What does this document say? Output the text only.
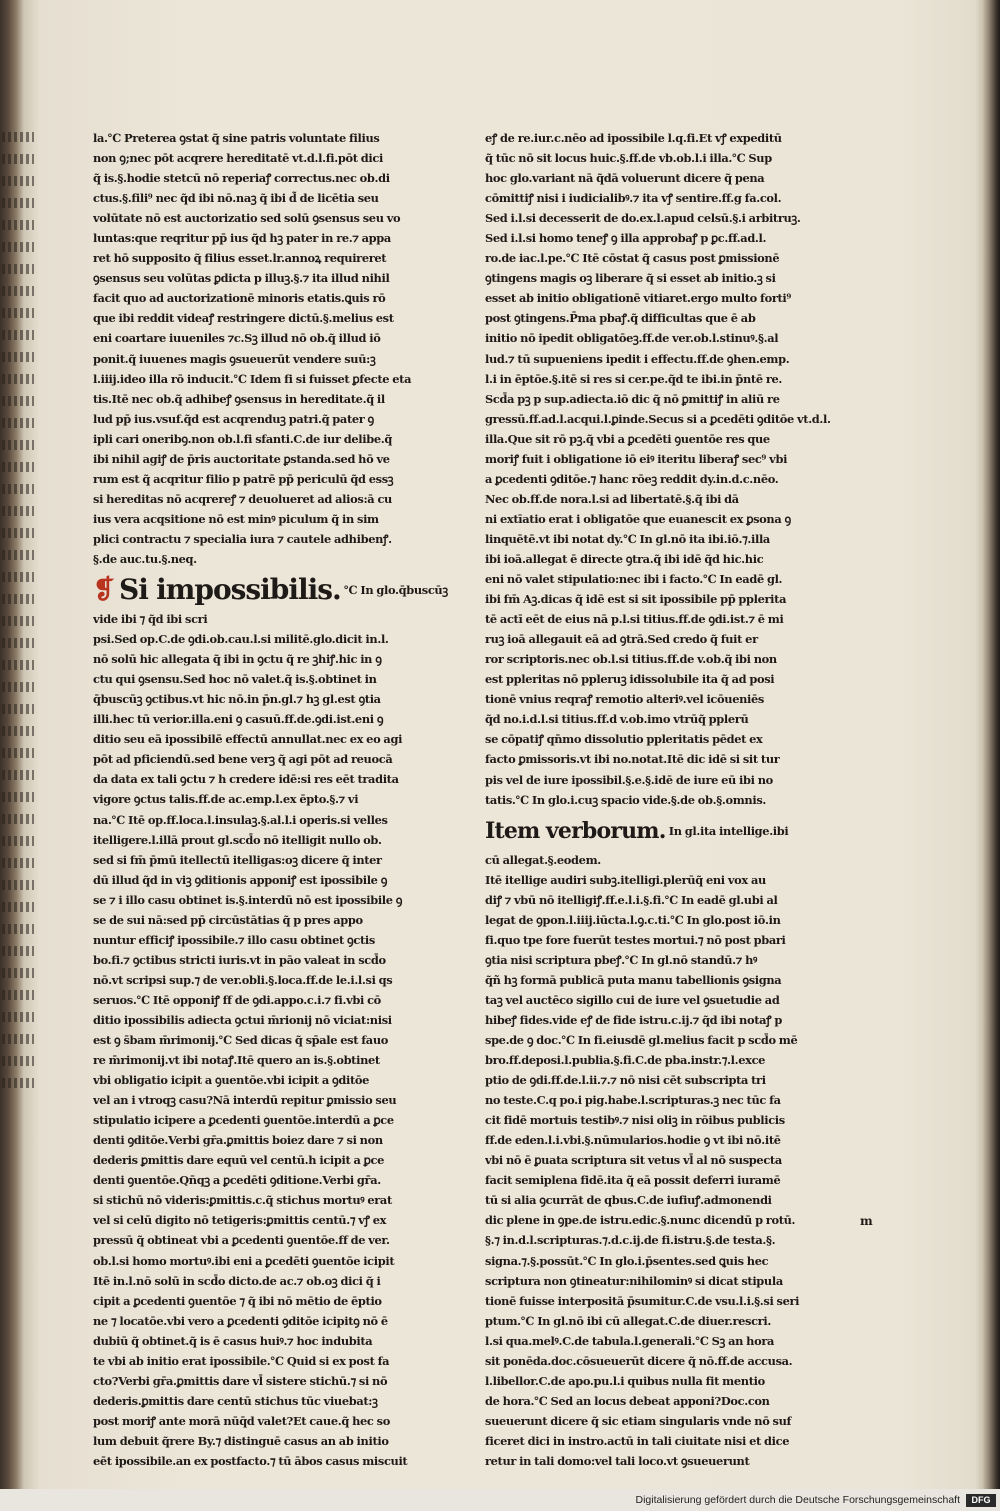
la.℃ Preterea ꝯstat q̃ sine patris voluntate filius
non ꝯ;nec pōt acqrere hereditatē vt.d.l.fi.pōt dici
q̃ is.§.hodie stetcū nō reperiaꝭ correctus.nec ob.di
ctus.§.fili⁹ nec q̃d ibi nō.naꝫ q̃ ibi d̃ de licētia seu
volūtate nō est auctorizatio sed solū ꝯsensus seu vo
luntas:que reqritur pp̄ ius q̃d hꝫ pater in re.⁊ appa
ret hō supposito q̃ filius esset.lr.annoꝝ requireret
ꝯsensus seu volūtas ꝑdicta p illuꝫ.§.⁊ ita illud nihil
facit quo ad auctorizationē minoris etatis.ꝗuis rō
que ibi reddit videaꝭ restringere dictū.§.melius est
eni coartare iuueniles ⁊c.Sꝫ illud nō ob.q̃ illud iō
ponit.q̃ iuuenes magis ꝯsueuerūt vendere suū:ꝫ
l.iiij.ideo illa rō inducit.℃ Idem fi si fuisset ꝑfecte eta
tis.Itē nec ob.q̃ adhibeꝭ ꝯsensus in hereditate.q̃ il
lud pp̄ ius.vsuf.q̃d est acqrenduꝫ patri.q̃ pater ꝯ
ipli cari oneribꝯ.non ob.l.fi sfanti.C.de iur delibe.q̃
ibi nihil agiꝭ de p̄ris auctoritate ꝑstanda.sed hō ve
rum est q̃ acqritur filio p patrē pp̄ periculū q̃d essꝫ
si hereditas nō acqrereꝭ ⁊ deuolueret ad alios:ā cu
ius vera acqsitione nō est minꝰ piculum q̃ in sim
plici contractu ⁊ specialia iura ⁊ cautele adhibenꝭ.
§.de auc.tu.§.neq.
❡ Si impossibilis. ℃ In glo.q̄buscūꝫ
vide ibi ⁊ q̃d ibi scri
psi.Sed op.C.de ꝯdi.ob.cau.l.si militē.glo.dicit in.l.
nō solū hic allegata q̃ ibi in ꝯctu q̃ re ꝫhiꝭ.hic in ꝯ
ctu qui ꝯsensu.Sed hoc nō valet.q̃ is.§.obtinet in
q̄buscūꝫ ꝯctibus.vt hic nō.in p̄n.gl.⁊ hꝫ gl.est ꝯtia
illi.hec tū verior.illa.eni ꝯ casuū.ff.de.ꝯdi.ist.eni ꝯ
ditio seu eā ipossibilē effectū annullat.nec ex eo agi
pōt ad pficiendū.sed bene verꝫ q̃ agi pōt ad reuocā
da data ex tali ꝯctu ⁊ h credere idē:si res eēt tradita
vigore ꝯctus talis.ff.de ac.emp.l.ex ēpto.§.⁊ vi
na.℃ Itē op.ff.loca.l.insulaꝫ.§.al.l.i operis.si velles
itelligere.l.illā prout gl.scd̄o nō itelligit nullo ob.
sed si fm̄ p̄mū itellectū itelligas:oꝫ dicere q̃ inter
dū illud q̃d in viꝫ ꝯditionis apponiꝭ est ipossibile ꝯ
se ⁊ i illo casu obtinet is.§.interdū nō est ipossibile ꝯ
se de sui nā:sed pp̄ circūstātias q̃ p pres appo
nuntur efficiꝭ ipossibile.⁊ illo casu obtinet ꝯctis
bo.fi.⁊ ꝯctibus stricti iuris.vt in pāo valeat in scd̄o
nō.vt scripsi sup.⁊ de ver.obli.§.loca.ff.de le.i.l.si qs
seruos.℃ Itē opponiꝭ ff de ꝯdi.appo.c.i.⁊ fi.vbi cō
ditio ipossibilis adiecta ꝯctui m̄rionij nō viciat:nisi
est ꝯ s̄bam m̄rimonij.℃ Sed dicas q̃ sp̄ale est fauo
re m̄rimonij.vt ibi notaꝭ.Itē quero an is.§.obtinet
vbi obligatio icipit a ꝯuentōe.vbi icipit a ꝯditōe
vel an i vtroqꝫ casu?Nā interdū repitur ꝑmissio seu
stipulatio icipere a ꝑcedenti ꝯuentōe.interdū a ꝑce
denti ꝯditōe.Verbi gr̄a.ꝑmittis boiez dare ⁊ si non
dederis ꝑmittis dare equū vel centū.h icipit a ꝑce
denti ꝯuentōe.Qn̄qꝫ a ꝑcedēti ꝯditione.Verbi gr̄a.
si stichū nō videris:ꝑmittis.c.q̃ stichus mortuꝰ erat
vel si celū digito nō tetigeris:ꝑmittis centū.⁊ vꝭ ex
pressū q̃ obtineat vbi a ꝑcedenti ꝯuentōe.ff de ver.
ob.l.si homo mortuꝰ.ibi eni a ꝑcedēti ꝯuentōe icipit
Itē in.l.nō solū in scd̄o dicto.de ac.⁊ ob.oꝫ dici q̃ i
cipit a ꝑcedenti ꝯuentōe ⁊ q̃ ibi nō mētio de ēptio
ne ⁊ locatōe.vbi vero a ꝑcedenti ꝯditōe icipitꝯ nō ē
dubiū q̃ obtinet.q̃ is ē casus huiꝰ.⁊ hoc indubita
te vbi ab initio erat ipossibile.℃ Quid si ex post fa
cto?Verbi gr̄a.ꝑmittis dare vl̄ sistere stichū.⁊ si nō
dederis.ꝑmittis dare centū stichus tūc viuebat:ꝫ
post moriꝭ ante morā nūq̄d valet?Et caue.q̃ hec so
lum debuit q̃rere By.⁊ distinguē casus an ab initio
eēt ipossibile.an ex postfacto.⁊ tū ābos casus miscuit
eꝭ de re.iur.c.nēo ad ipossibile l.q.fi.Et vꝭ expeditū
q̃ tūc nō sit locus huic.§.ff.de vb.ob.l.i illa.℃ Sup
hoc glo.variant nā q̃dā voluerunt dicere q̃ pena
cōmittiꝭ nisi i iudicialibꝰ.⁊ ita vꝭ sentire.ff.g fa.col.
Sed i.l.si decesserit de do.ex.l.apud celsū.§.i arbitruꝫ.
Sed i.l.si homo teneꝭ ꝯ illa approbaꝭ p ꝑc.ff.ad.l.
ro.de iac.l.pe.℃ Itē cōstat q̃ casus post ꝑmissionē
ꝯtingens magis oꝫ liberare q̃ si esset ab initio.ꝫ si
esset ab initio obligationē vitiaret.ergo multo forti⁹
post ꝯtingens.P̄ma pbaꝭ.q̃ difficultas que ē ab
initio nō ipedit obligatōeꝫ.ff.de ver.ob.l.stinuꝰ.§.al
lud.⁊ tū supueniens ipedit i effectu.ff.de ꝯhen.emp.
l.i in ēptōe.§.itē si res si cer.pe.q̃d te ibi.in p̄ntē re.
Scd̄a pꝫ p sup.adiecta.iō dic q̃ nō ꝑmittiꝭ in aliū re
gressū.ff.ad.l.acqui.l.ꝑinde.Secus si a ꝑcedēti ꝯditōe vt.d.l.
illa.Que sit rō pꝫ.q̃ vbi a ꝑcedēti ꝯuentōe res que
moriꝭ fuit i obligatione iō eiꝰ iteritu liberaꝭ sec⁹ vbi
a ꝑcedenti ꝯditōe.⁊ hanc rōeꝫ reddit dy.in.d.c.nēo.
Nec ob.ff.de nora.l.si ad libertatē.§.q̃ ibi dā
ni extīatio erat i obligatōe que euanescit ex ꝑsona ꝯ
linquētē.vt ibi notat dy.℃ In gl.nō ita ibi.iō.⁊.illa
ibi ioā.allegat ē directe ꝯtra.q̃ ibi idē q̃d hic.hic
eni nō valet stipulatio:nec ibi i facto.℃ In eadē gl.
ibi fm̄ Aꝫ.dicas q̃ idē est si sit ipossibile pp̄ pplerita
tē actī eēt de eius nā p.l.si titius.ff.de ꝯdi.ist.⁊ ē mi
ruꝫ ioā allegauit eā ad ꝯtrā.Sed credo q̃ fuit er
ror scriptoris.nec ob.l.si titius.ff.de v.ob.q̃ ibi non
est ppleritas nō ppleruꝫ idissolubile ita q̃ ad posi
tionē vnius reqraꝭ remotio alteriꝰ.vel icōueniēs
q̃d no.i.d.l.si titius.ff.d v.ob.imo vtrūq̃ pplerū
se cōpatiꝭ qn̄mo dissolutio ppleritatis pēdet ex
facto ꝑmissoris.vt ibi no.notat.Itē dic idē si sit tur
pis vel de iure ipossibil.§.e.§.idē de iure eū ibi no
tatis.℃ In glo.i.cuꝫ spacio vide.§.de ob.§.omnis.
Item verborum. In gl.ita intellige.ibi
cū allegat.§.eodem.
Itē itellige audiri subꝫ.itelligi.plerūq̃ eni vox au
diꝭ ⁊ vbū nō itelligiꝭ.ff.e.l.i.§.fi.℃ In eadē gl.ubi al
legat de ꝯpon.l.iiij.iūcta.l.ꝯ.c.ti.℃ In glo.post iō.in
fi.quo tpe fore fuerūt testes mortui.⁊ nō post pbari
ꝯtia nisi scriptura pbeꝭ.℃ In gl.nō standū.⁊ hꝰ
q̃ñ hꝫ formā publicā puta manu tabellionis ꝯsigna
taꝫ vel auctēco sigillo cui de iure vel ꝯsuetudie ad
hibeꝭ fides.vide eꝭ de fide istru.c.ij.⁊ q̃d ibi notaꝭ p
spe.de ꝯ doc.℃ In fi.eiusdē gl.melius facit p scd̄o mē
bro.ff.deposi.l.publia.§.fi.C.de pba.instr.⁊.l.exce
ptio de ꝯdi.ff.de.l.ii.⁊.⁊ nō nisi cēt subscripta tri
no teste.C.q po.i pig.habe.l.scripturas.ꝫ nec tūc fa
cit fidē mortuis testibꝰ.⁊ nisi oliꝫ in rōibus publicis
ff.de eden.l.i.vbi.§.nūmularios.hodie ꝯ vt ibi nō.itē
vbi nō ē ꝑuata scriptura sit vetus vl̄ al nō suspecta
facit semiplena fidē.ita q̃ eā possit deferri iuramē
tū si alia ꝯcurrāt de qbus.C.de iufiuꝭ.admonendi
dic plene in ꝯpe.de istru.edic.§.nunc dicendū p rotū.
§.⁊ in.d.l.scripturas.⁊.d.c.ij.de fi.istru.§.de testa.§.
signa.⁊.§.possūt.℃ In glo.i.p̄sentes.sed ꝗuis hec
scriptura non ꝯtineatur:nihilominꝰ si dicat stipula
tionē fuisse interpositā p̄sumitur.C.de vsu.l.i.§.si seri
ptum.℃ In gl.nō ibi cū allegat.C.de diuer.rescri.
l.si qua.melꝰ.C.de tabula.l.generali.℃ Sꝫ an hora
sit ponēda.doc.cōsueuerūt dicere q̃ nō.ff.de accusa.
l.libellor.C.de apo.pu.l.i quibus nulla fit mentio
de hora.℃ Sed an locus debeat apponi?Doc.con
sueuerunt dicere q̃ sic etiam singularis vnde nō suf
ficeret dici in instro.actū in tali ciuitate nisi et dice
retur in tali domo:vel tali loco.vt ꝯsueuerunt
m
Digitalisierung gefördert durch die Deutsche Forschungsgemeinschaft	DFG
